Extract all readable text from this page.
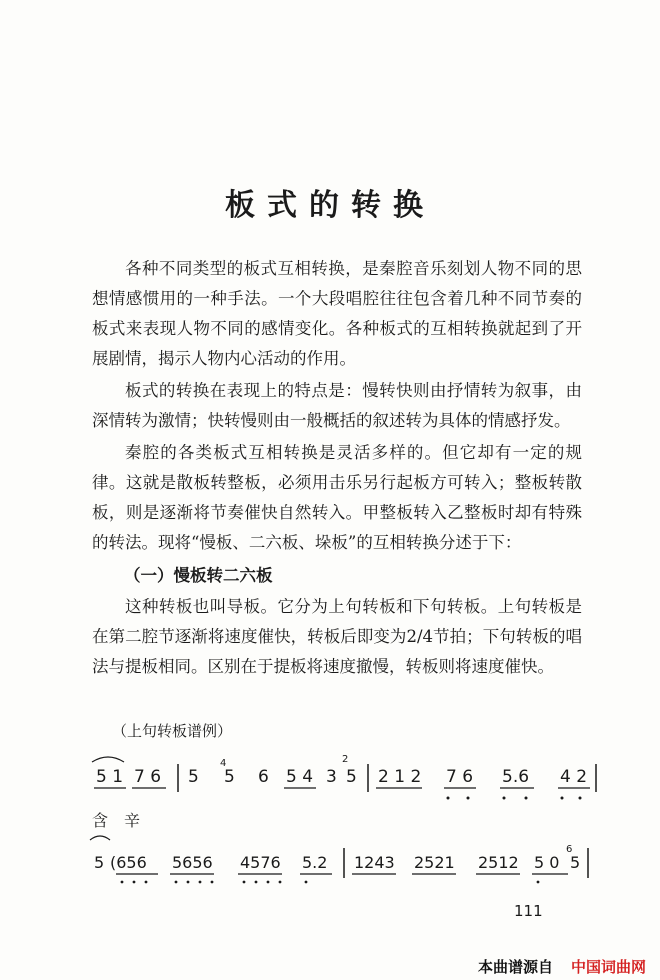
板式的转换
各种不同类型的板式互相转换，是秦腔音乐刻划人物不同的思想情感惯用的一种手法。一个大段唱腔往往包含着几种不同节奏的板式来表现人物不同的感情变化。各种板式的互相转换就起到了开展剧情，揭示人物内心活动的作用。
板式的转换在表现上的特点是：慢转快则由抒情转为叙事，由深情转为激情；快转慢则由一般概括的叙述转为具体的情感抒发。
秦腔的各类板式互相转换是灵活多样的。但它却有一定的规律。这就是散板转整板，必须用击乐另行起板方可转入；整板转散板，则是逐渐将节奏催快自然转入。甲整板转入乙整板时却有特殊的转法。现将“慢板、二六板、垛板”的互相转换分述于下：
（一）慢板转二六板
这种转板也叫导板。它分为上句转板和下句转板。上句转板是在第二腔节逐渐将速度催快，转板后即变为2/4节拍；下句转板的唱法与提板相同。区别在于提板将速度撤慢，转板则将速度催快。
（上句转板谱例）
5 1 7 6 5
4
5 6 5 4 3
2
5 2 1 2 7 6 5.6 4 2
5 (656 5656 4576 5.2 1243 2521 2512 5 0
6
5
含辛
111
本曲谱源自 中国词曲网
